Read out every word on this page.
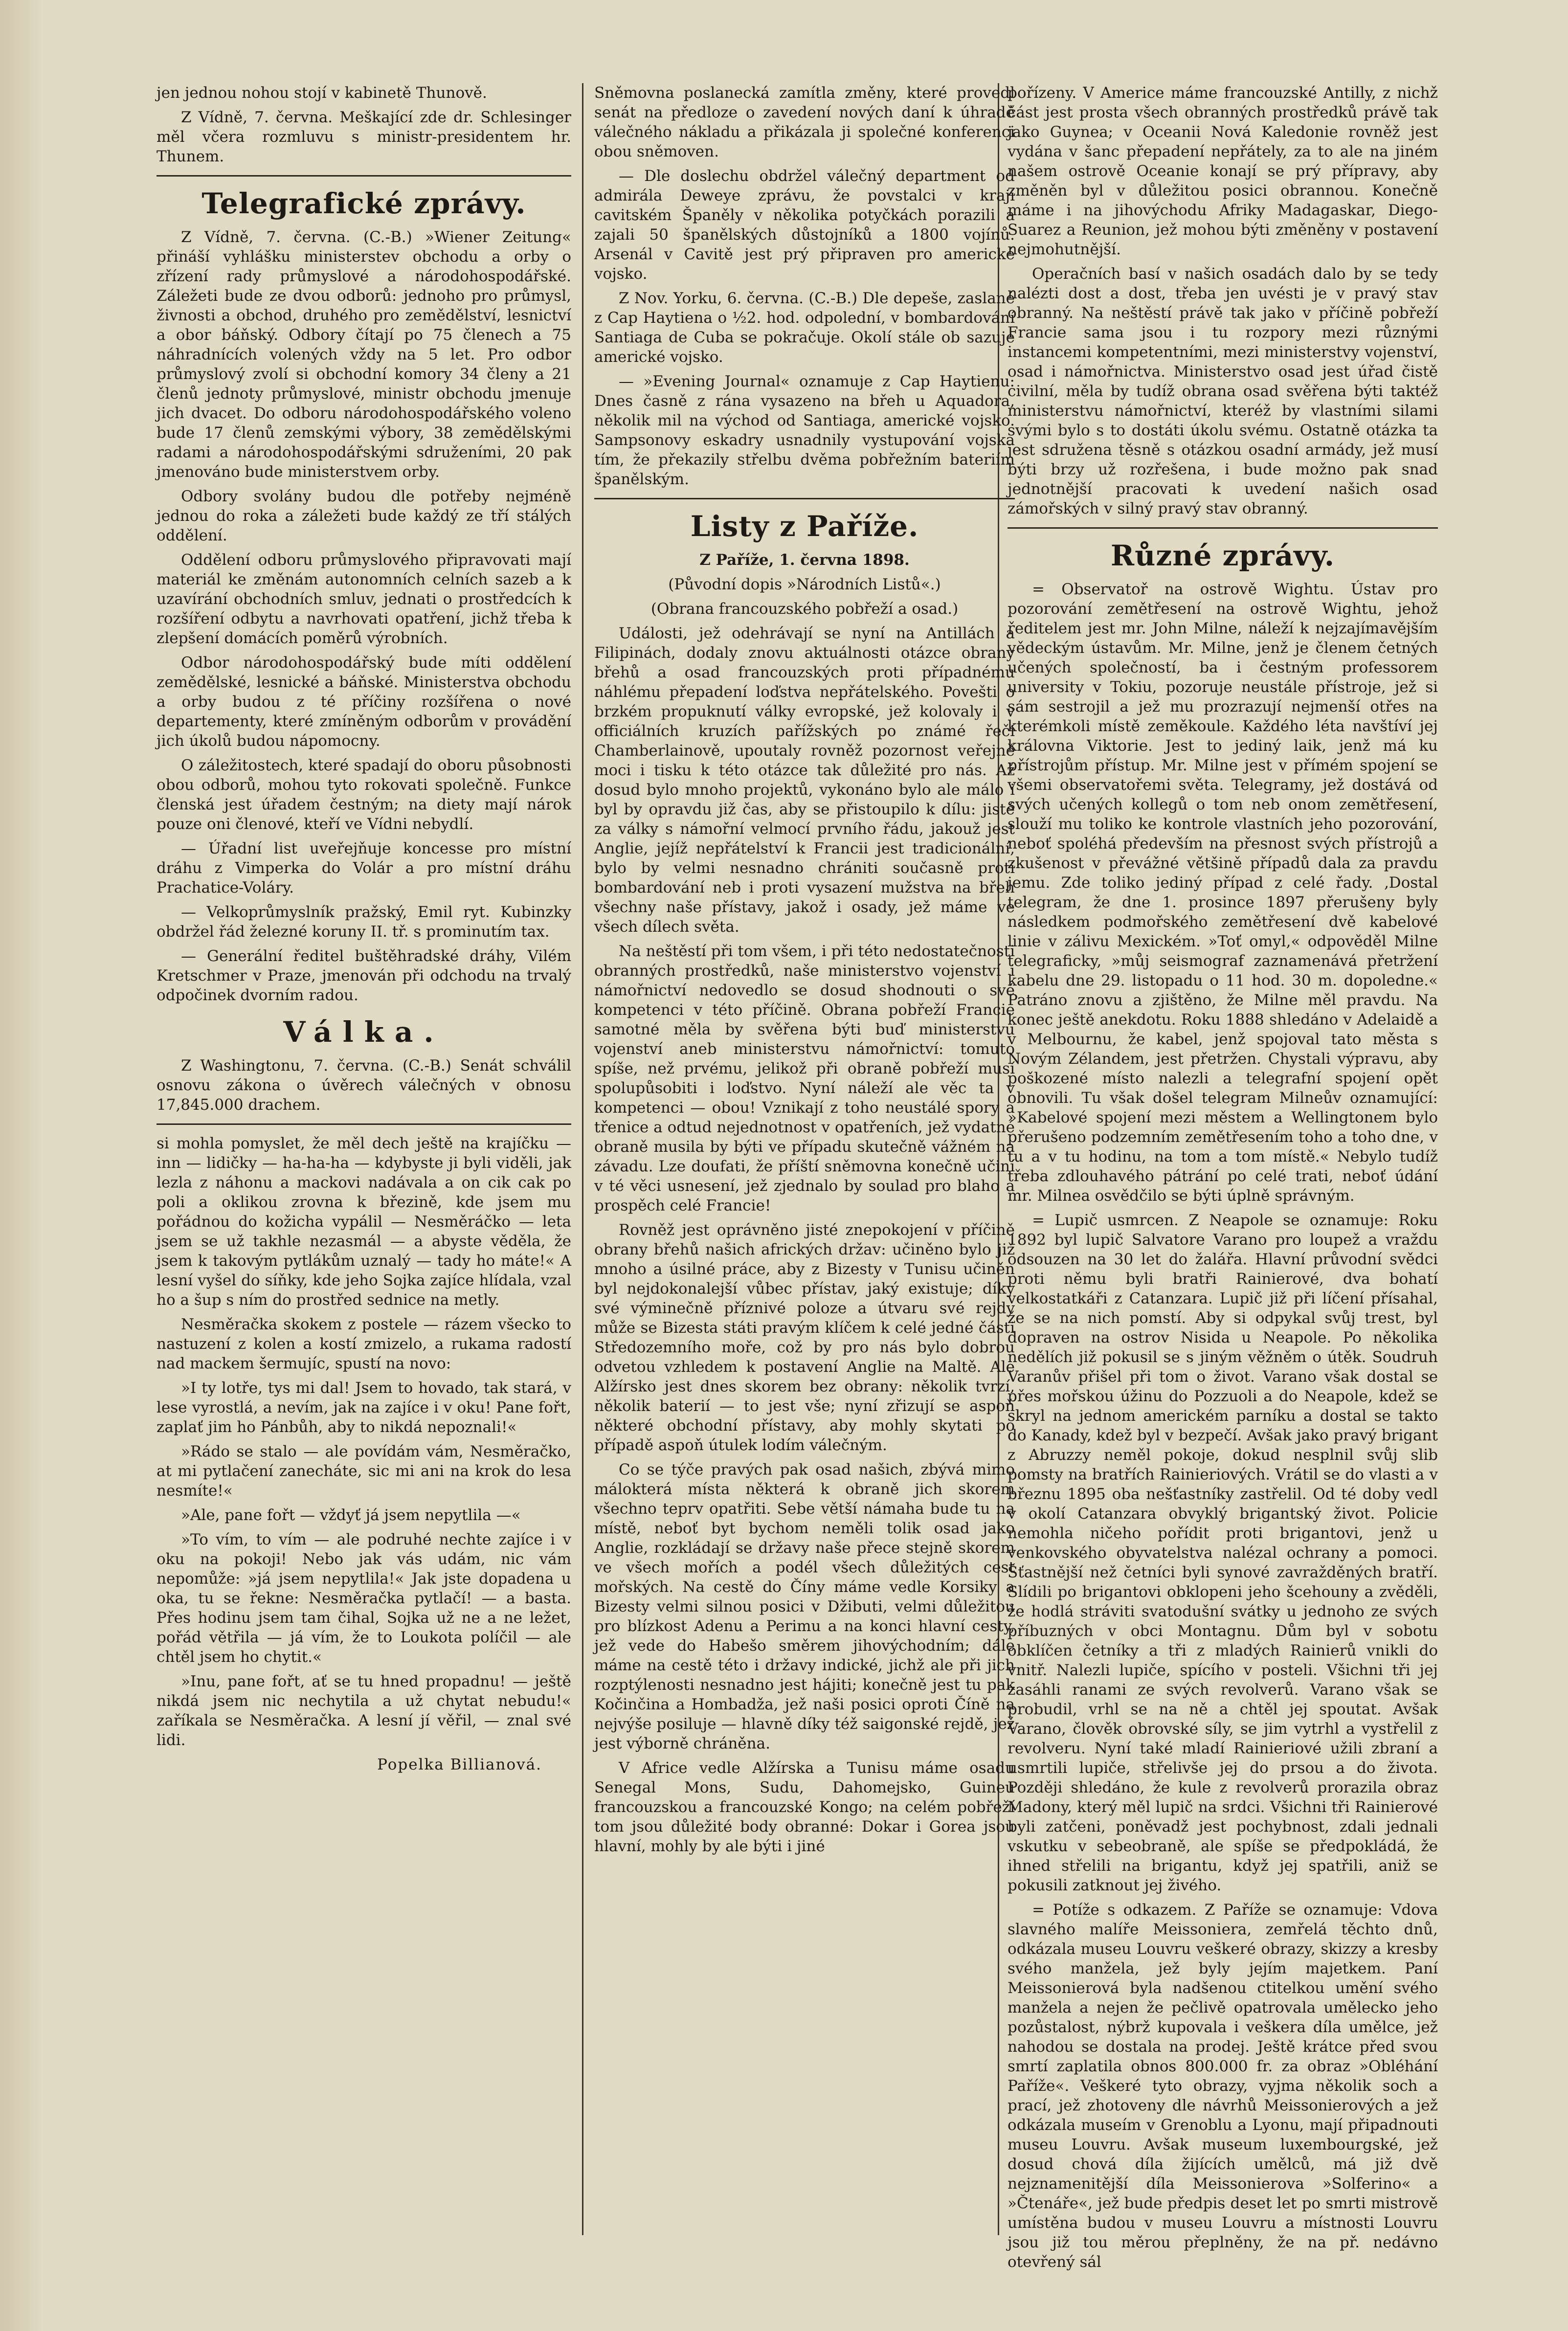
jen jednou nohou stojí v kabinetě Thunově.

Z Vídně, 7. června. Meškající zde dr. Schlesinger měl včera rozmluvu s ministr-presidentem hr. Thunem.

Telegrafické zprávy.

Z Vídně, 7. června. (C.-B.) »Wiener Zeitung« přináší vyhlášku ministerstev obchodu a orby o zřízení rady průmyslové a národohospodářské. Záležeti bude ze dvou odborů: jednoho pro průmysl, živnosti a obchod, druhého pro zemědělství, lesnictví a obor báňský. Odbory čítají po 75 členech a 75 náhradnících volených vždy na 5 let. Pro odbor průmyslový zvolí si obchodní komory 34 členy a 21 členů jednoty průmyslové, ministr obchodu jmenuje jich dvacet. Do odboru národohospodářského voleno bude 17 členů zemskými výbory, 38 zemědělskými radami a národohospodářskými sdruženími, 20 pak jmenováno bude ministerstvem orby.

Odbory svolány budou dle potřeby nejméně jednou do roka a záležeti bude každý ze tří stálých oddělení.

Oddělení odboru průmyslového připravovati mají materiál ke změnám autonomních celních sazeb a k uzavírání obchodních smluv, jednati o prostředcích k rozšíření odbytu a navrhovati opatření, jichž třeba k zlepšení domácích poměrů výrobních.

Odbor národohospodářský bude míti oddělení zemědělské, lesnické a báňské. Ministerstva obchodu a orby budou z té příčiny rozšířena o nové departementy, které zmíněným odborům v provádění jich úkolů budou nápomocny.

O záležitostech, které spadají do oboru působnosti obou odborů, mohou tyto rokovati společně. Funkce členská jest úřadem čestným; na diety mají nárok pouze oni členové, kteří ve Vídni nebydlí.

— Úřadní list uveřejňuje koncesse pro místní dráhu z Vimperka do Volár a pro místní dráhu Prachatice-Voláry.

— Velkoprůmyslník pražský, Emil ryt. Kubinzky obdržel řád železné koruny II. tř. s prominutím tax.

— Generální ředitel buštěhradské dráhy, Vilém Kretschmer v Praze, jmenován při odchodu na trvalý odpočinek dvorním radou.

Válka.

Z Washingtonu, 7. června. (C.-B.) Senát schválil osnovu zákona o úvěrech válečných v obnosu 17,845.000 drachem.

si mohla pomyslet, že měl dech ještě na krajíčku — inn — lidičky — ha-ha-ha — kdybyste ji byli viděli, jak lezla z náhonu a mackovi nadávala a on cik cak po poli a oklikou zrovna k březině, kde jsem mu pořádnou do kožicha vypálil — Nesměráčko — leta jsem se už takhle nezasmál — a abyste věděla, že jsem k takovým pytlákům uznalý — tady ho máte!« A lesní vyšel do síňky, kde jeho Sojka zajíce hlídala, vzal ho a šup s ním do prostřed sednice na metly.

Nesměračka skokem z postele — rázem všecko to nastuzení z kolen a kostí zmizelo, a rukama radostí nad mackem šermujíc, spustí na novo:

»I ty lotře, tys mi dal! Jsem to hovado, tak stará, v lese vyrostlá, a nevím, jak na zajíce i v oku! Pane fořt, zaplať jim ho Pánbůh, aby to nikdá nepoznali!«

»Rádo se stalo — ale povídám vám, Nesměračko, at mi pytlačení zanecháte, sic mi ani na krok do lesa nesmíte!«

»Ale, pane fořt — vždyť já jsem nepytlila —«

»To vím, to vím — ale podruhé nechte zajíce i v oku na pokoji! Nebo jak vás udám, nic vám nepomůže: »já jsem nepytlila!« Jak jste dopadena u oka, tu se řekne: Nesměračka pytlačí! — a basta. Přes hodinu jsem tam čihal, Sojka už ne a ne ležet, pořád větřila — já vím, že to Loukota políčil — ale chtěl jsem ho chytit.«

»Inu, pane fořt, ať se tu hned propadnu! — ještě nikdá jsem nic nechytila a už chytat nebudu!« zaříkala se Nesměračka. A lesní jí věřil, — znal své lidi.

Popelka Billianová.

Sněmovna poslanecká zamítla změny, které provedl senát na předloze o zavedení nových daní k úhradě válečného nákladu a přikázala ji společné konferenci obou sněmoven.

— Dle doslechu obdržel válečný department od admirála Deweye zprávu, že povstalci v kraji cavitském Španěly v několika potyčkách porazili a zajali 50 španělských důstojníků a 1800 vojínů. Arsenál v Cavitě jest prý připraven pro americké vojsko.

Z Nov. Yorku, 6. června. (C.-B.) Dle depeše, zaslané z Cap Haytiena o ½2. hod. odpolední, v bombardování Santiaga de Cuba se pokračuje. Okolí stále ob sazuje americké vojsko.

— »Evening Journal« oznamuje z Cap Haytienu: Dnes časně z rána vysazeno na břeh u Aquadora, několik mil na východ od Santiaga, americké vojsko. Sampsonovy eskadry usnadnily vystupování vojska tím, že překazily střelbu dvěma pobřežním bateriím španělským.

Listy z Paříže.

Z Paříže, 1. června 1898.

(Původní dopis »Národních Listů«.)

(Obrana francouzského pobřeží a osad.)

Události, jež odehrávají se nyní na Antillách a Filipinách, dodaly znovu aktuálnosti otázce obrany břehů a osad francouzských proti případnému náhlému přepadení loďstva nepřátelského. Povešti o brzkém propuknutí války evropské, jež kolovaly i v officiálních kruzích pařížských po známé řeči Chamberlainově, upoutaly rovněž pozornost veřejně moci i tisku k této otázce tak důležité pro nás. Až dosud bylo mnoho projektů, vykonáno bylo ale málo i byl by opravdu již čas, aby se přistoupilo k dílu: jisté za války s námořní velmocí prvního řádu, jakouž jest Anglie, jejíž nepřátelství k Francii jest tradicionální, bylo by velmi nesnadno chrániti současně proti bombardování neb i proti vysazení mužstva na břeh všechny naše přístavy, jakož i osady, jež máme ve všech dílech světa.

Na neštěstí při tom všem, i při této nedostatečnosti obranných prostředků, naše ministerstvo vojenství i námořnictví nedovedlo se dosud shodnouti o své kompetenci v této příčině. Obrana pobřeží Francie samotné měla by svěřena býti buď ministerstvu vojenství aneb ministerstvu námořnictví: tomuto spíše, než prvému, jelikož při obraně pobřeží musí spolupůsobiti i loďstvo. Nyní náleží ale věc ta v kompetenci — obou! Vznikají z toho neustálé spory a třenice a odtud nejednotnost v opatřeních, jež vydatné obraně musila by býti ve případu skutečně vážném na závadu. Lze doufati, že příští sněmovna konečně učiní v té věci usnesení, jež zjednalo by soulad pro blaho a prospěch celé Francie!

Rovněž jest oprávněno jisté znepokojení v příčině obrany břehů našich afrických držav: učiněno bylo již mnoho a úsilné práce, aby z Bizesty v Tunisu učiněn byl nejdokonalejší vůbec přístav, jaký existuje; díky své výminečně příznivé poloze a útvaru své rejdy může se Bizesta státi pravým klíčem k celé jedné části Středozemního moře, což by pro nás bylo dobrou odvetou vzhledem k postavení Anglie na Maltě. Ale Alžírsko jest dnes skorem bez obrany: několik tvrzí, několik baterií — to jest vše; nyní zřizují se aspoň některé obchodní přístavy, aby mohly skytati po případě aspoň útulek lodím válečným.

Co se týče pravých pak osad našich, zbývá mimo málokterá místa některá k obraně jich skorem všechno teprv opatřiti. Sebe větší námaha bude tu na místě, neboť byt bychom neměli tolik osad jako Anglie, rozkládají se državy naše přece stejně skorem ve všech mořích a podél všech důležitých cest mořských. Na cestě do Číny máme vedle Korsiky a Bizesty velmi silnou posici v Džibuti, velmi důležitou pro blízkost Adenu a Perimu a na konci hlavní cesty, jež vede do Habešo směrem jihovýchodním; dále máme na cestě této i državy indické, jichž ale při jich rozptýlenosti nesnadno jest hájiti; konečně jest tu pak Kočinčina a Hombadža, jež naši posici oproti Číně na nejvýše posiluje — hlavně díky též saigonské rejdě, jež jest výborně chráněna.

V Africe vedle Alžírska a Tunisu máme osadu Senegal Mons, Sudu, Dahomejsko, Guineu francouzskou a francouzské Kongo; na celém pobřeží tom jsou důležité body obranné: Dokar i Gorea jsou hlavní, mohly by ale býti i jiné

pořízeny. V Americe máme francouzské Antilly, z nichž část jest prosta všech obranných prostředků právě tak jako Guynea; v Oceanii Nová Kaledonie rovněž jest vydána v šanc přepadení nepřátely, za to ale na jiném našem ostrově Oceanie konají se prý přípravy, aby změněn byl v důležitou posici obrannou. Konečně máme i na jihovýchodu Afriky Madagaskar, Diego-Suarez a Reunion, jež mohou býti změněny v postavení nejmohutnější.

Operačních basí v našich osadách dalo by se tedy nalézti dost a dost, třeba jen uvésti je v pravý stav obranný. Na neštěstí právě tak jako v příčině pobřeží Francie sama jsou i tu rozpory mezi různými instancemi kompetentními, mezi ministerstvy vojenství, osad i námořnictva. Ministerstvo osad jest úřad čistě civilní, měla by tudíž obrana osad svěřena býti taktéž ministerstvu námořnictví, kteréž by vlastními silami svými bylo s to dostáti úkolu svému. Ostatně otázka ta jest sdružena těsně s otázkou osadní armády, jež musí býti brzy už rozřešena, i bude možno pak snad jednotnější pracovati k uvedení našich osad zámořských v silný pravý stav obranný.

Různé zprávy.

= Observatoř na ostrově Wightu. Ústav pro pozorování zemětřesení na ostrově Wightu, jehož ředitelem jest mr. John Milne, náleží k nejzajímavějším vědeckým ústavům. Mr. Milne, jenž je členem četných učených společností, ba i čestným professorem university v Tokiu, pozoruje neustále přístroje, jež si sám sestrojil a jež mu prozrazují nejmenší otřes na kterémkoli místě zeměkoule. Každého léta navštíví jej královna Viktorie. Jest to jediný laik, jenž má ku přístrojům přístup. Mr. Milne jest v přímém spojení se všemi observatořemi světa. Telegramy, jež dostává od svých učených kollegů o tom neb onom zemětřesení, slouží mu toliko ke kontrole vlastních jeho pozorování, neboť spoléhá především na přesnost svých přístrojů a zkušenost v převážné většině případů dala za pravdu jemu. Zde toliko jediný případ z celé řady. ‚Dostal telegram, že dne 1. prosince 1897 přerušeny byly následkem podmořského zemětřesení dvě kabelové linie v zálivu Mexickém. »Toť omyl,« odpověděl Milne telegraficky, »můj seismograf zaznamenává přetržení kabelu dne 29. listopadu o 11 hod. 30 m. dopoledne.« Patráno znovu a zjištěno, že Milne měl pravdu. Na konec ještě anekdotu. Roku 1888 shledáno v Adelaidě a v Melbournu, že kabel, jenž spojoval tato města s Novým Zélandem, jest přetržen. Chystali výpravu, aby poškozené místo nalezli a telegrafní spojení opět obnovili. Tu však došel telegram Milneův oznamující: »Kabelové spojení mezi městem a Wellingtonem bylo přerušeno podzemním zemětřesením toho a toho dne, v tu a v tu hodinu, na tom a tom místě.« Nebylo tudíž třeba zdlouhavého pátrání po celé trati, neboť údání mr. Milnea osvědčilo se býti úplně správným.

= Lupič usmrcen. Z Neapole se oznamuje: Roku 1892 byl lupič Salvatore Varano pro loupež a vraždu odsouzen na 30 let do žalářa. Hlavní průvodní svědci proti němu byli bratři Rainierové, dva bohatí velkostatkáři z Catanzara. Lupič již při líčení přísahal, že se na nich pomstí. Aby si odpykal svůj trest, byl dopraven na ostrov Nisida u Neapole. Po několika nedělích již pokusil se s jiným věžněm o útěk. Soudruh Varanův přišel při tom o život. Varano však dostal se přes mořskou úžinu do Pozzuoli a do Neapole, kdež se skryl na jednom americkém parníku a dostal se takto do Kanady, kdež byl v bezpečí. Avšak jako pravý brigant z Abruzzy neměl pokoje, dokud nesplnil svůj slib pomsty na bratřích Rainieriových. Vrátil se do vlasti a v březnu 1895 oba nešťastníky zastřelil. Od té doby vedl v okolí Catanzara obvyklý brigantský život. Policie nemohla ničeho pořídit proti brigantovi, jenž u venkovského obyvatelstva nalézal ochrany a pomoci. Šťastnější než četníci byli synové zavražděných bratří. Slídili po brigantovi obklopeni jeho šcehouny a zvěděli, že hodlá stráviti svatodušní svátky u jednoho ze svých příbuzných v obci Montagnu. Dům byl v sobotu obklíčen četníky a tři z mladých Rainierů vnikli do vnitř. Nalezli lupiče, spícího v posteli. Všichni tři jej zasáhli ranami ze svých revolverů. Varano však se probudil, vrhl se na ně a chtěl jej spoutat. Avšak Varano, člověk obrovské síly, se jim vytrhl a vystřelil z revolveru. Nyní také mladí Rainieriové užili zbraní a usmrtili lupiče, střelivše jej do prsou a do života. Později shledáno, že kule z revolverů prorazila obraz Madony, který měl lupič na srdci. Všichni tři Rainierové byli zatčeni, poněvadž jest pochybnost, zdali jednali vskutku v sebeobraně, ale spíše se předpokládá, že ihned střelili na brigantu, když jej spatřili, aniž se pokusili zatknout jej živého.

= Potíže s odkazem. Z Paříže se oznamuje: Vdova slavného malíře Meissoniera, zemřelá těchto dnů, odkázala museu Louvru veškeré obrazy, skizzy a kresby svého manžela, jež byly jejím majetkem. Paní Meissonierová byla nadšenou ctitelkou umění svého manžela a nejen že pečlivě opatrovala umělecko jeho pozůstalost, nýbrž kupovala i veškera díla umělce, jež nahodou se dostala na prodej. Ještě krátce před svou smrtí zaplatila obnos 800.000 fr. za obraz »Obléhání Paříže«. Veškeré tyto obrazy, vyjma několik soch a prací, jež zhotoveny dle návrhů Meissonierových a jež odkázala museím v Grenoblu a Lyonu, mají připadnouti museu Louvru. Avšak museum luxembourgské, jež dosud chová díla žijících umělců, má již dvě nejznamenitější díla Meissonierova »Solferino« a »Čtenáře«, jež bude předpis deset let po smrti mistrově umístěna budou v museu Louvru a místnosti Louvru jsou již tou měrou přeplněny, že na př. nedávno otevřený sál
